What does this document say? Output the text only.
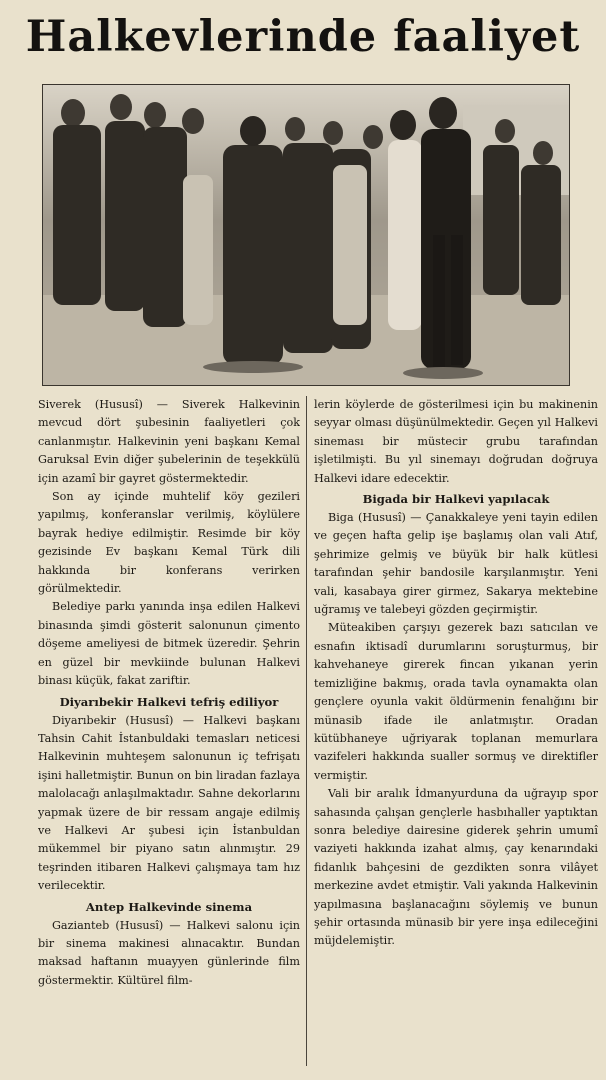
Halkevlerinde faaliyet

Siverek (Hususî) — Siverek Halkevinin mevcud dört şubesinin faaliyetleri çok canlanmıştır. Halkevinin yeni başkanı Kemal Garuksal Evin diğer şubelerinin de teşekkülü için azamî bir gayret göstermektedir.

Son ay içinde muhtelif köy gezileri yapılmış, konferanslar verilmiş, köylülere bayrak hediye edilmiştir. Resimde bir köy gezisinde Ev başkanı Kemal Türk dili hakkında bir konferans verirken görülmektedir.

Belediye parkı yanında inşa edilen Halkevi binasında şimdi gösterit salonunun çimento döşeme ameliyesi de bitmek üzeredir. Şehrin en güzel bir mevkiinde bulunan Halkevi binası küçük, fakat zariftir.

Diyarıbekir Halkevi tefriş ediliyor

Diyarıbekir (Hususî) — Halkevi başkanı Tahsin Cahit İstanbuldaki temasları neticesi Halkevinin muhteşem salonunun iç tefrişatı işini halletmiştir. Bunun on bin liradan fazlaya malolacağı anlaşılmaktadır. Sahne dekorlarını yapmak üzere de bir ressam angaje edilmiş ve Halkevi Ar şubesi için İstanbuldan mükemmel bir piyano satın alınmıştır. 29 teşrinden itibaren Halkevi çalışmaya tam hız verilecektir.

Antep Halkevinde sinema

Gazianteb (Hususî) — Halkevi salonu için bir sinema makinesi alınacaktır. Bundan maksad haftanın muayyen günlerinde film göstermektir. Kültürel film-

lerin köylerde de gösterilmesi için bu makinenin seyyar olması düşünülmektedir. Geçen yıl Halkevi sineması bir müstecir grubu tarafından işletilmişti. Bu yıl sinemayı doğrudan doğruya Halkevi idare edecektir.

Bigada bir Halkevi yapılacak

Biga (Hususî) — Çanakkaleye yeni tayin edilen ve geçen hafta gelip işe başlamış olan vali Atıf, şehrimize gelmiş ve büyük bir halk kütlesi tarafından şehir bandosile karşılanmıştır. Yeni vali, kasabaya girer girmez, Sakarya mektebine uğramış ve talebeyi gözden geçirmiştir.

Müteakiben çarşıyı gezerek bazı satıcılan ve esnafın iktisadî durumlarını soruşturmuş, bir kahvehaneye girerek fincan yıkanan yerin temizliğine bakmış, orada tavla oynamakta olan gençlere oyunla vakit öldürmenin fenalığını bir münasib ifade ile anlatmıştır. Oradan kütübhaneye uğriyarak toplanan memurlara vazifeleri hakkında sualler sormuş ve direktifler vermiştir.

Vali bir aralık İdmanyurduna da uğrayıp spor sahasında çalışan gençlerle hasbıhaller yaptıktan sonra belediye dairesine giderek şehrin umumî vaziyeti hakkında izahat almış, çay kenarındaki fidanlık bahçesini de gezdikten sonra vilâyet merkezine avdet etmiştir. Vali yakında Halkevinin yapılmasına başlanacağını söylemiş ve bunun şehir ortasında münasib bir yere inşa edileceğini müjdelemiştir.
